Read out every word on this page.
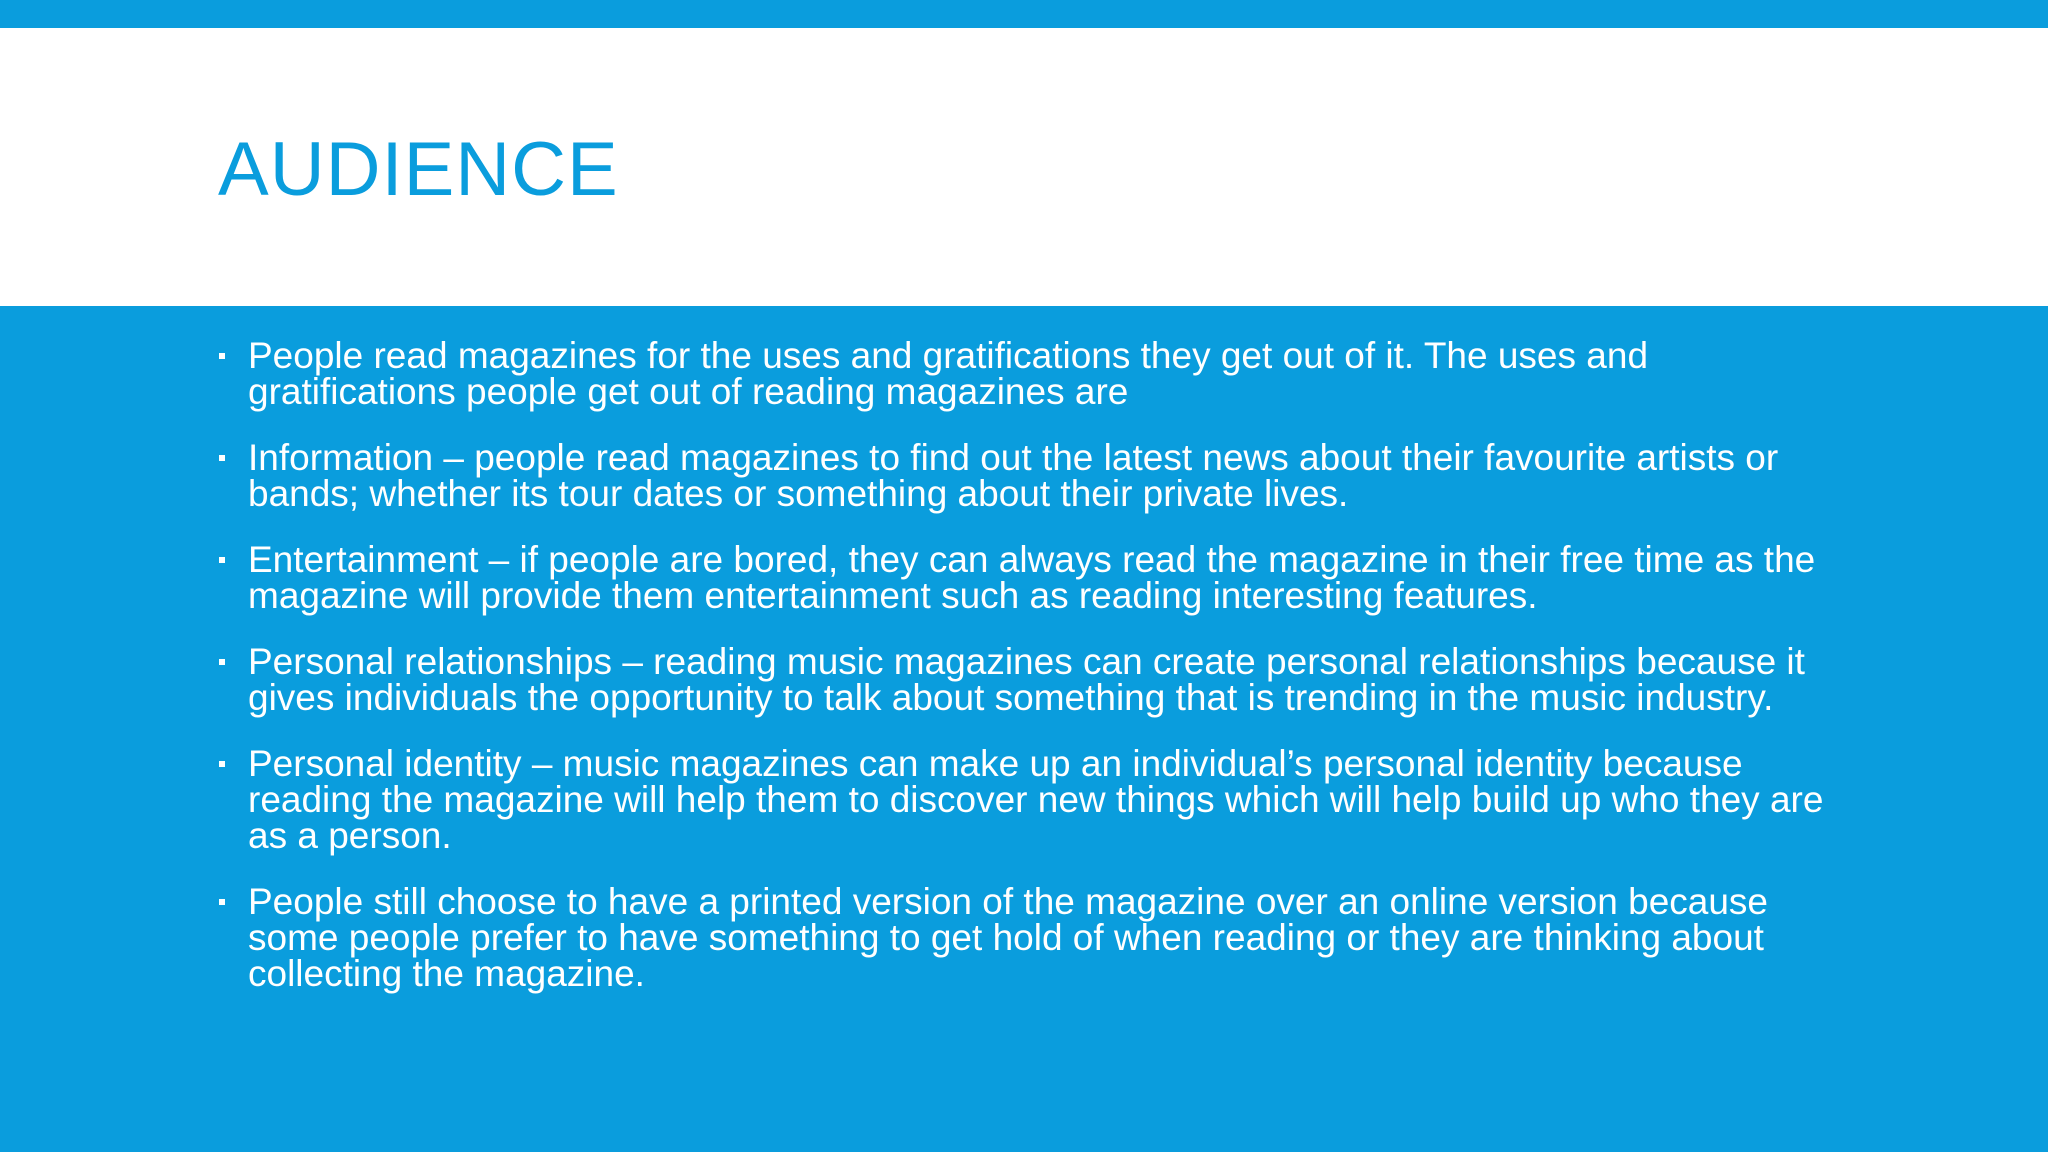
AUDIENCE
People read magazines for the uses and gratifications they get out of it. The uses and gratifications people get out of reading magazines are
Information – people read magazines to find out the latest news about their favourite artists or bands; whether its tour dates or something about their private lives.
Entertainment – if people are bored, they can always read the magazine in their free time as the magazine will provide them entertainment such as reading interesting features.
Personal relationships – reading music magazines can create personal relationships because it gives individuals the opportunity to talk about something that is trending in the music industry.
Personal identity – music magazines can make up an individual’s personal identity because reading the magazine will help them to discover new things which will help build up who they are as a person.
People still choose to have a printed version of the magazine over an online version because some people prefer to have something to get hold of when reading or they are thinking about collecting the magazine.
